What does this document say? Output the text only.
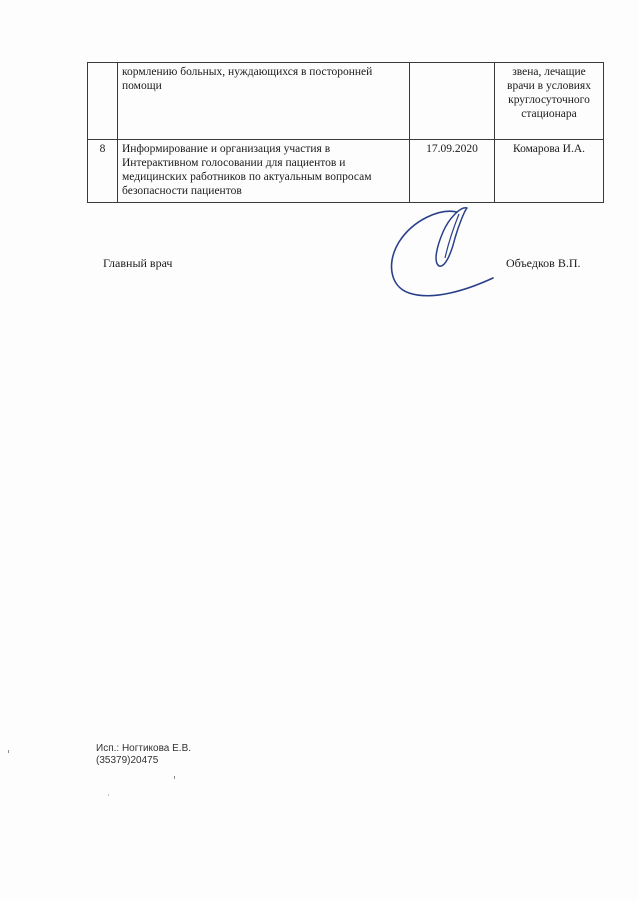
	кормлению больных, нуждающихся в посторонней помощи		звена, лечащие врачи в условиях круглосуточного стационара
8	Информирование и организация участия в Интерактивном голосовании для пациентов и медицинских работников по актуальным вопросам безопасности пациентов	17.09.2020	Комарова И.А.
Главный врач	Объедков В.П.
Исп.: Ногтикова Е.В.
(35379)20475
